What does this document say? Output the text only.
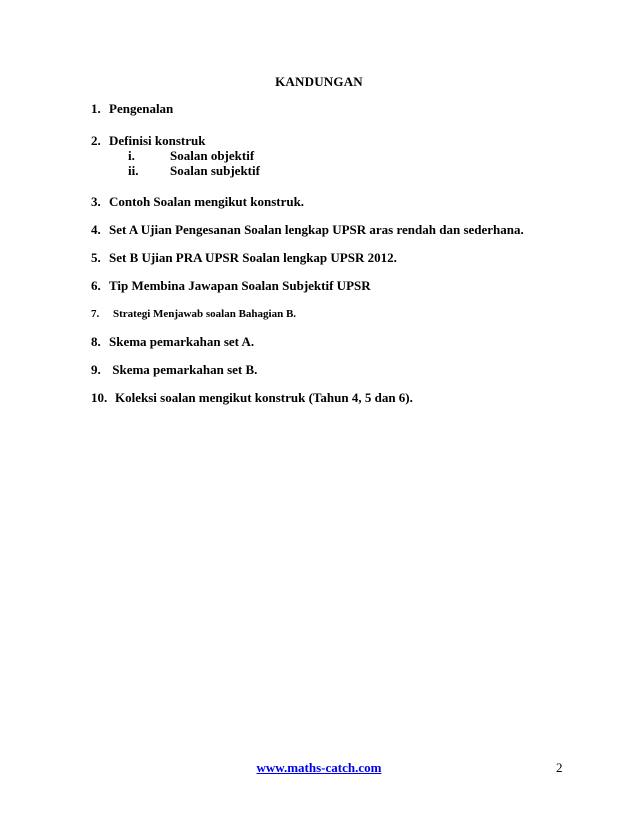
KANDUNGAN
1. Pengenalan
2. Definisi konstruk
i.	Soalan objektif
ii. Soalan subjektif
3. Contoh Soalan mengikut konstruk.
4. Set A Ujian Pengesanan Soalan lengkap UPSR aras rendah dan sederhana.
5. Set B Ujian PRA UPSR Soalan lengkap UPSR 2012.
6. Tip Membina Jawapan Soalan Subjektif UPSR
7. Strategi Menjawab soalan Bahagian B.
8. Skema pemarkahan set A.
9. Skema pemarkahan set B.
10. Koleksi soalan mengikut konstruk (Tahun 4, 5 dan 6).
www.maths-catch.com	2
